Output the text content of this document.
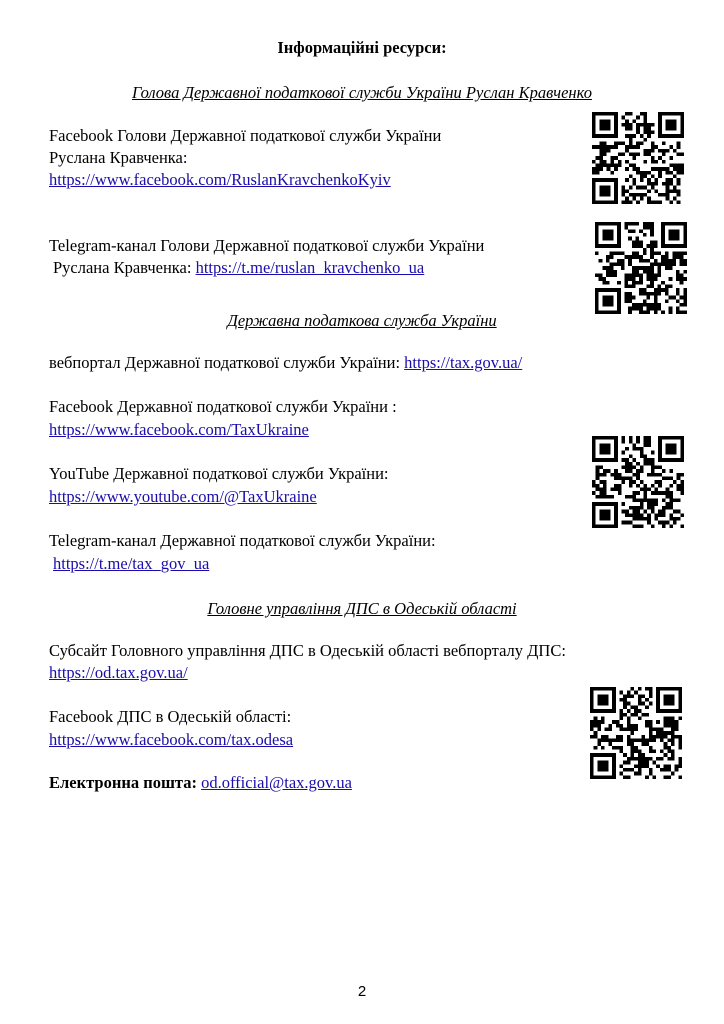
Інформаційні ресурси:
Голова Державної податкової служби України Руслан Кравченко
Facebook Голови Державної податкової служби України
Руслана Кравченка:
https://www.facebook.com/RuslanKravchenkoKyiv
Telegram-канал Голови Державної податкової служби України
Руслана Кравченка: https://t.me/ruslan_kravchenko_ua
Державна податкова служба України
вебпортал Державної податкової служби України: https://tax.gov.ua/
Facebook Державної податкової служби України :
https://www.facebook.com/TaxUkraine
YouTube Державної податкової служби України:
https://www.youtube.com/@TaxUkraine
Telegram-канал Державної податкової служби України:
https://t.me/tax_gov_ua
Головне управління ДПС в Одеській області
Субсайт Головного управління ДПС в Одеській області вебпорталу ДПС:
https://od.tax.gov.ua/
Facebook ДПС в Одеській області:
https://www.facebook.com/tax.odesa
Електронна пошта: od.official@tax.gov.ua
2
